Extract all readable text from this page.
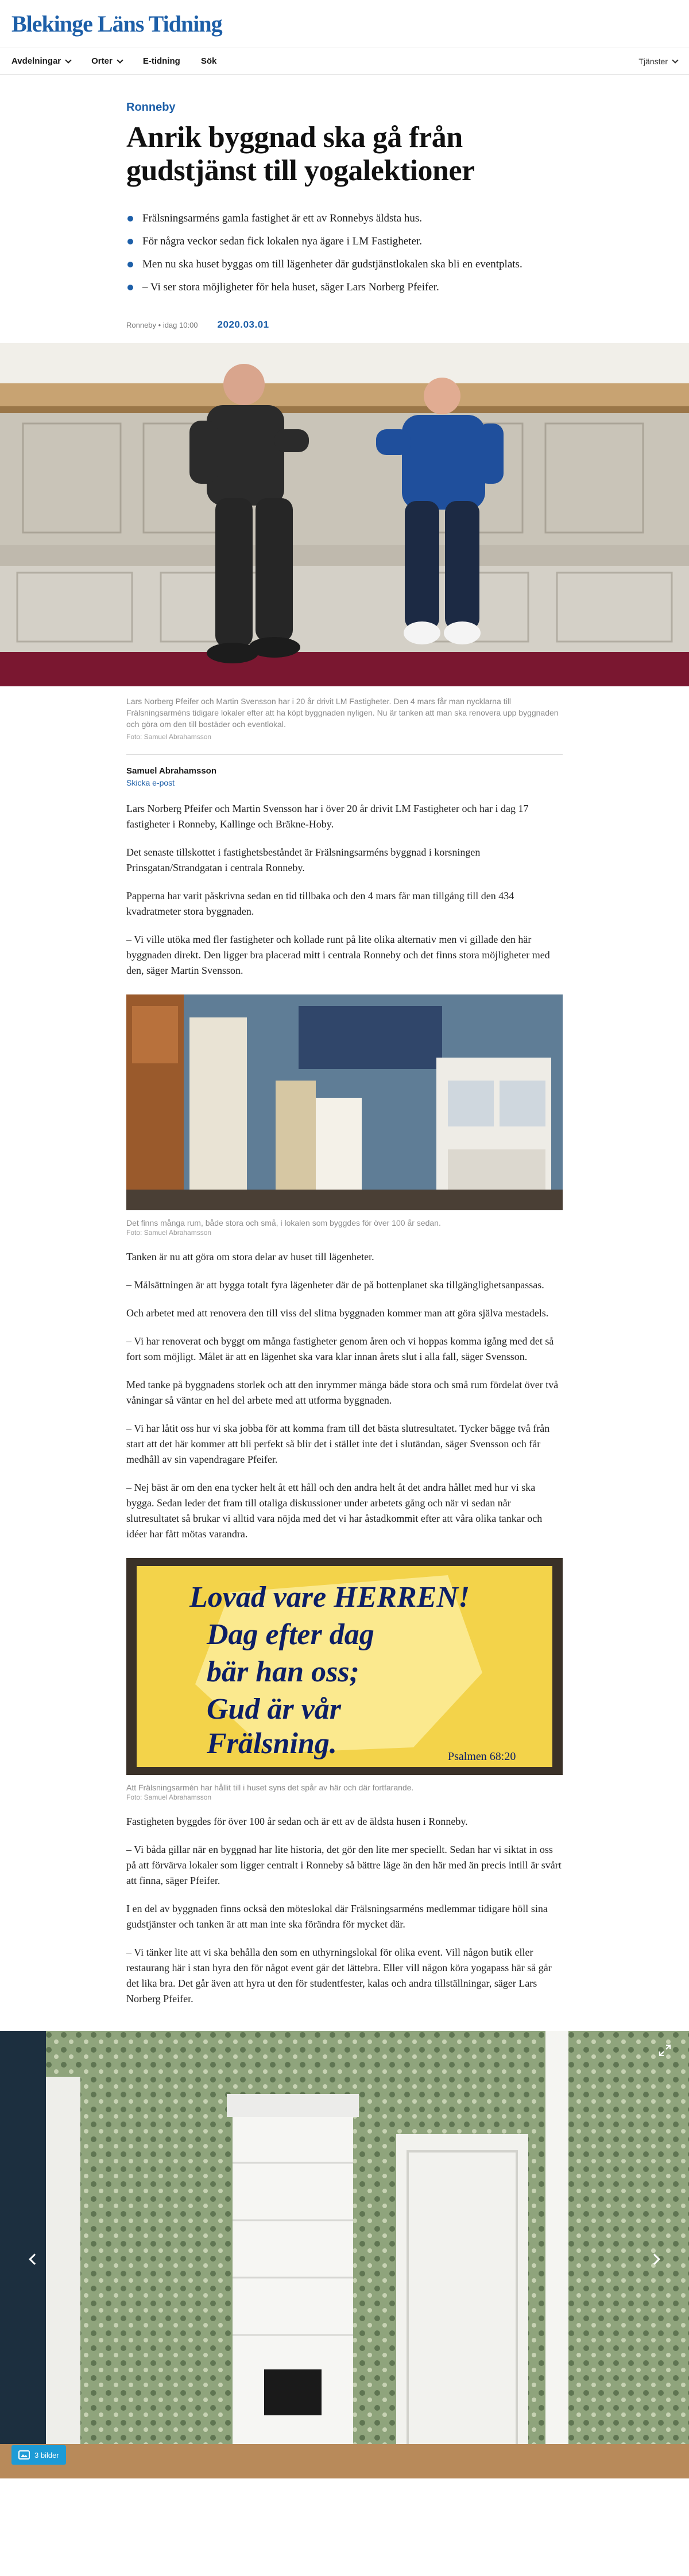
Blekinge Läns Tidning
Avdelningar	Orter	E-tidning Sök	Tjänster
Ronneby
Anrik byggnad ska gå från gudstjänst till yogalektioner
Frälsningsarméns gamla fastighet är ett av Ronnebys äldsta hus.
För några veckor sedan fick lokalen nya ägare i LM Fastigheter.
Men nu ska huset byggas om till lägenheter där gudstjänstlokalen ska bli en eventplats.
– Vi ser stora möjligheter för hela huset, säger Lars Norberg Pfeifer.
Ronneby • idag 10:00 2020.03.01

Lars Norberg Pfeifer och Martin Svensson har i 20 år drivit LM Fastigheter. Den 4 mars får man nycklarna till Frälsningsarméns tidigare lokaler efter att ha köpt byggnaden nyligen. Nu är tanken att man ska renovera upp byggnaden och göra om den till bostäder och eventlokal.

Foto: Samuel Abrahamsson

Samuel Abrahamsson
Skicka e-post

Lars Norberg Pfeifer och Martin Svensson har i över 20 år drivit LM Fastigheter och har i dag 17 fastigheter i Ronneby, Kallinge och Bräkne-Hoby.

Det senaste tillskottet i fastighetsbeståndet är Frälsningsarméns byggnad i korsningen Prinsgatan/Strandgatan i centrala Ronneby.

Papperna har varit påskrivna sedan en tid tillbaka och den 4 mars får man tillgång till den 434 kvadratmeter stora byggnaden.

– Vi ville utöka med fler fastigheter och kollade runt på lite olika alternativ men vi gillade den här byggnaden direkt. Den ligger bra placerad mitt i centrala Ronneby och det finns stora möjligheter med den, säger Martin Svensson.

Det finns många rum, både stora och små, i lokalen som byggdes för över 100 år sedan.

Foto: Samuel Abrahamsson

Tanken är nu att göra om stora delar av huset till lägenheter.

– Målsättningen är att bygga totalt fyra lägenheter där de på bottenplanet ska tillgänglighetsanpassas.

Och arbetet med att renovera den till viss del slitna byggnaden kommer man att göra själva mestadels.

– Vi har renoverat och byggt om många fastigheter genom åren och vi hoppas komma igång med det så fort som möjligt. Målet är att en lägenhet ska vara klar innan årets slut i alla fall, säger Svensson.

Med tanke på byggnadens storlek och att den inrymmer många både stora och små rum fördelat över två våningar så väntar en hel del arbete med att utforma byggnaden.

– Vi har låtit oss hur vi ska jobba för att komma fram till det bästa slutresultatet. Tycker bägge två från start att det här kommer att bli perfekt så blir det i stället inte det i slutändan, säger Svensson och får medhåll av sin vapendragare Pfeifer.

– Nej bäst är om den ena tycker helt åt ett håll och den andra helt åt det andra hållet med hur vi ska bygga. Sedan leder det fram till otaliga diskussioner under arbetets gång och när vi sedan når slutresultatet så brukar vi alltid vara nöjda med det vi har åstadkommit efter att våra olika tankar och idéer har fått mötas varandra.

Lovad vare HERREN!
Dag efter dag
bär han oss;
Gud är vår
Frälsning.	Psalmen 68:20
Att Frälsningsarmén har hållit till i huset syns det spår av här och där fortfarande.

Foto: Samuel Abrahamsson

Fastigheten byggdes för över 100 år sedan och är ett av de äldsta husen i Ronneby.

– Vi båda gillar när en byggnad har lite historia, det gör den lite mer speciellt. Sedan har vi siktat in oss på att förvärva lokaler som ligger centralt i Ronneby så bättre läge än den här med än precis intill är svårt att finna, säger Pfeifer.

I en del av byggnaden finns också den möteslokal där Frälsningsarméns medlemmar tidigare höll sina gudstjänster och tanken är att man inte ska förändra för mycket där.

– Vi tänker lite att vi ska behålla den som en uthyrningslokal för olika event. Vill någon butik eller restaurang här i stan hyra den för något event går det lättebra. Eller vill någon köra yogapass här så går det lika bra. Det går även att hyra ut den för studentfester, kalas och andra tillställningar, säger Lars Norberg Pfeifer.

3 bilder
